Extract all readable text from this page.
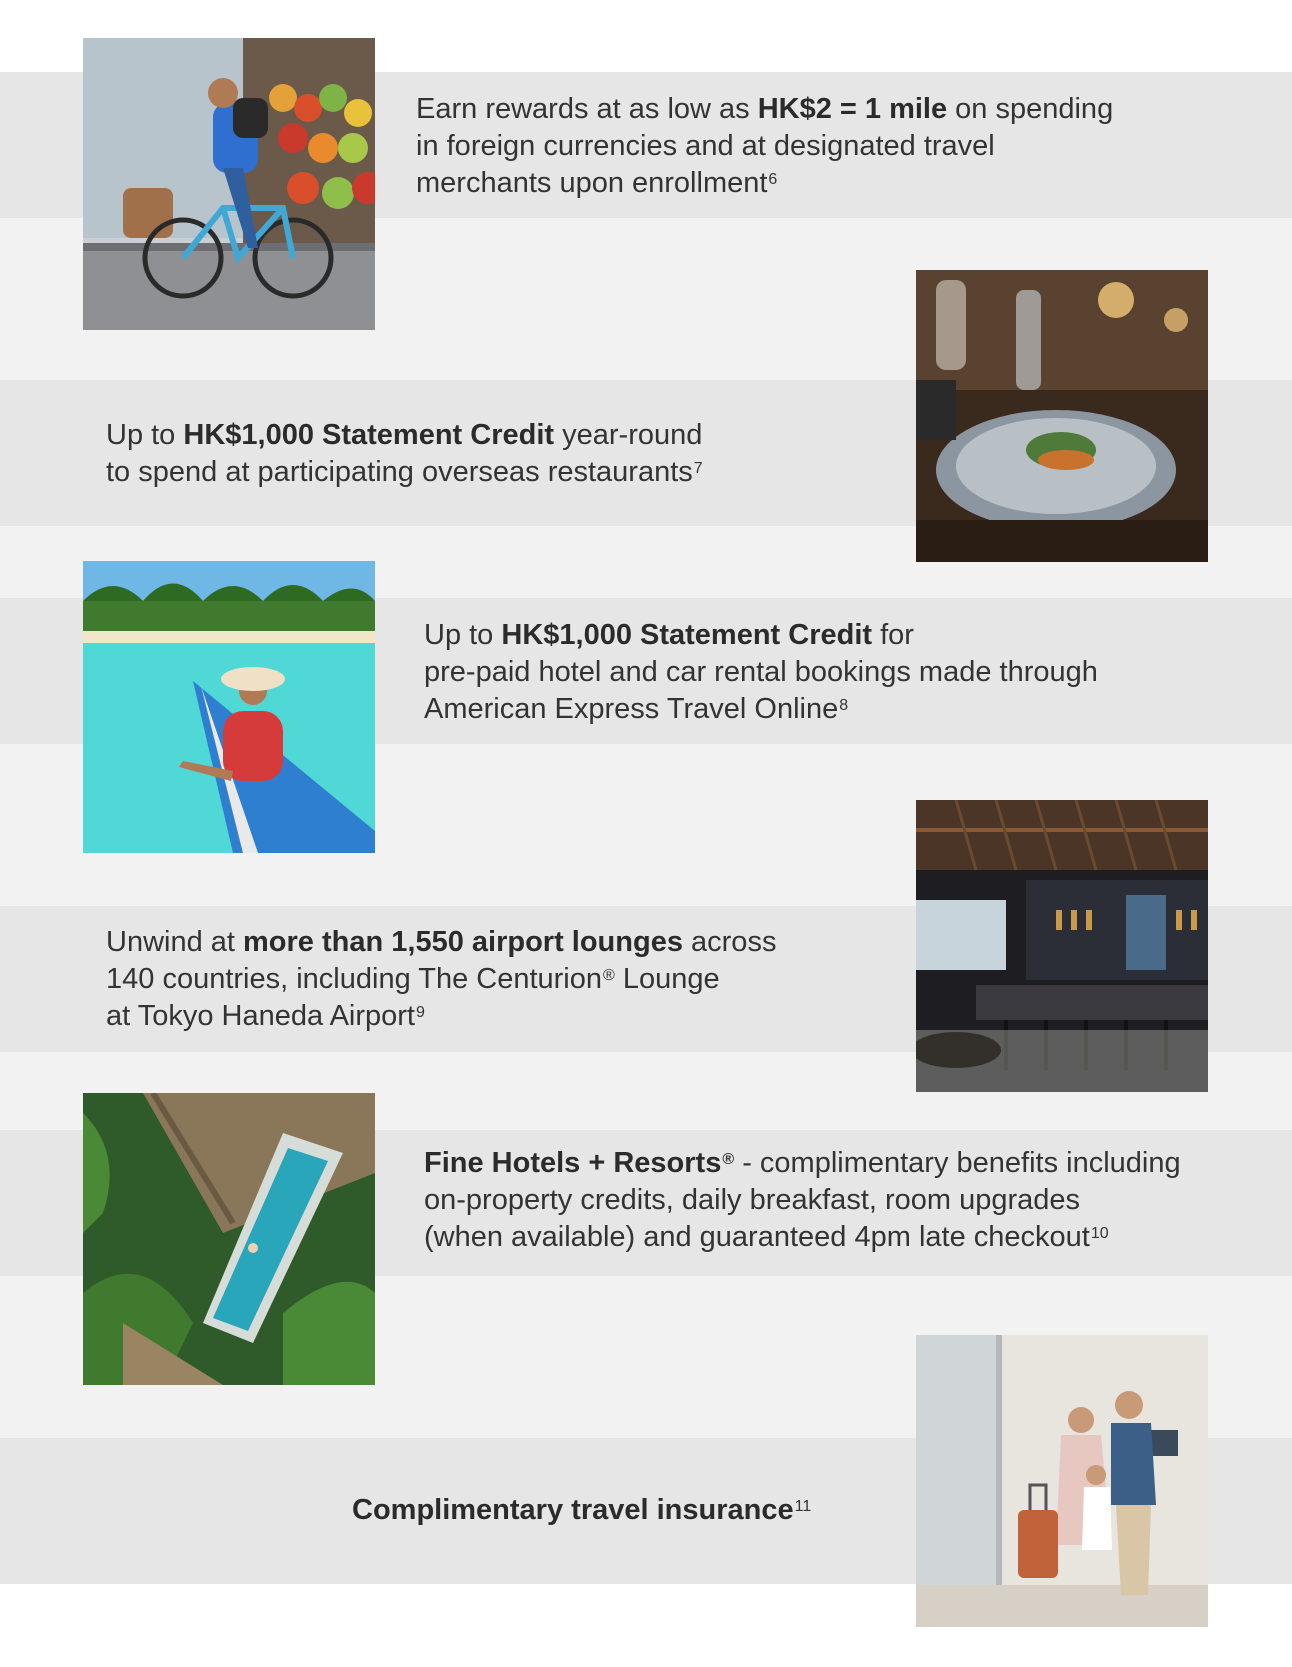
Earn rewards at as low as HK$2 = 1 mile on spending
in foreign currencies and at designated travel
merchants upon enrollment$^6$
Up to HK$1,000 Statement Credit year-round
to spend at participating overseas restaurants$^7$
Up to HK$1,000 Statement Credit for
pre-paid hotel and car rental bookings made through
American Express Travel Online$^8$
Unwind at more than 1,550 airport lounges across
140 countries, including The Centurion® Lounge
at Tokyo Haneda Airport$^9$
Fine Hotels + Resorts® - complimentary benefits including
on-property credits, daily breakfast, room upgrades
(when available) and guaranteed 4pm late checkout$^{10}$
Complimentary travel insurance$^{11}$
